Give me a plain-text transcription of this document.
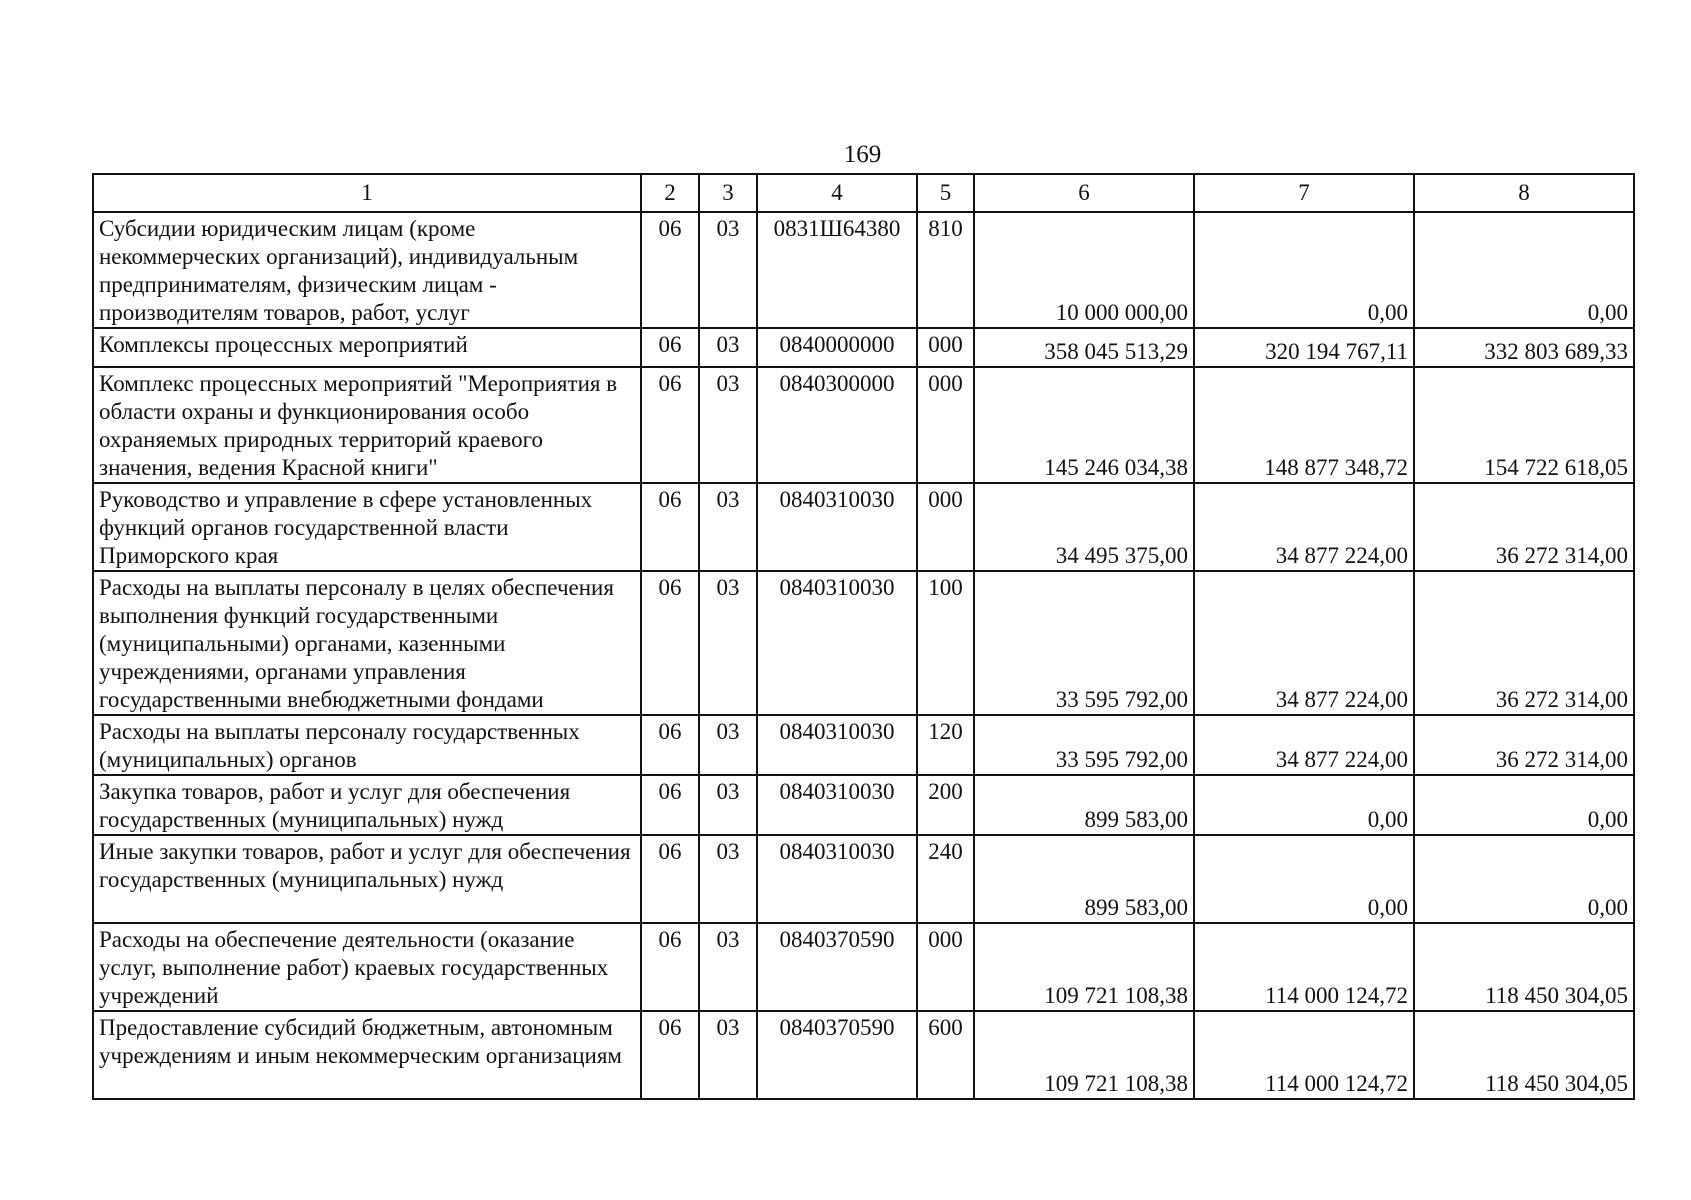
169
1	2	3	4	5	6	7	8
Субсидии юридическим лицам (кроме некоммерческих организаций), индивидуальным предпринимателям, физическим лицам - производителям товаров, работ, услуг	06	03	0831Ш64380	810	10 000 000,00	0,00	0,00
Комплексы процессных мероприятий	06	03	0840000000	000	358 045 513,29	320 194 767,11	332 803 689,33
Комплекс процессных мероприятий "Мероприятия в области охраны и функционирования особо охраняемых природных территорий краевого значения, ведения Красной книги"	06	03	0840300000	000	145 246 034,38	148 877 348,72	154 722 618,05
Руководство и управление в сфере установленных функций органов государственной власти Приморского края	06	03	0840310030	000	34 495 375,00	34 877 224,00	36 272 314,00
Расходы на выплаты персоналу в целях обеспечения выполнения функций государственными (муниципальными) органами, казенными учреждениями, органами управления государственными внебюджетными фондами	06	03	0840310030	100	33 595 792,00	34 877 224,00	36 272 314,00
Расходы на выплаты персоналу государственных (муниципальных) органов	06	03	0840310030	120	33 595 792,00	34 877 224,00	36 272 314,00
Закупка товаров, работ и услуг для обеспечения государственных (муниципальных) нужд	06	03	0840310030	200	899 583,00	0,00	0,00
Иные закупки товаров, работ и услуг для обеспечения государственных (муниципальных) нужд	06	03	0840310030	240	899 583,00	0,00	0,00
Расходы на обеспечение деятельности (оказание услуг, выполнение работ) краевых государственных учреждений	06	03	0840370590	000	109 721 108,38	114 000 124,72	118 450 304,05
Предоставление субсидий бюджетным, автономным учреждениям и иным некоммерческим организациям	06	03	0840370590	600	109 721 108,38	114 000 124,72	118 450 304,05
